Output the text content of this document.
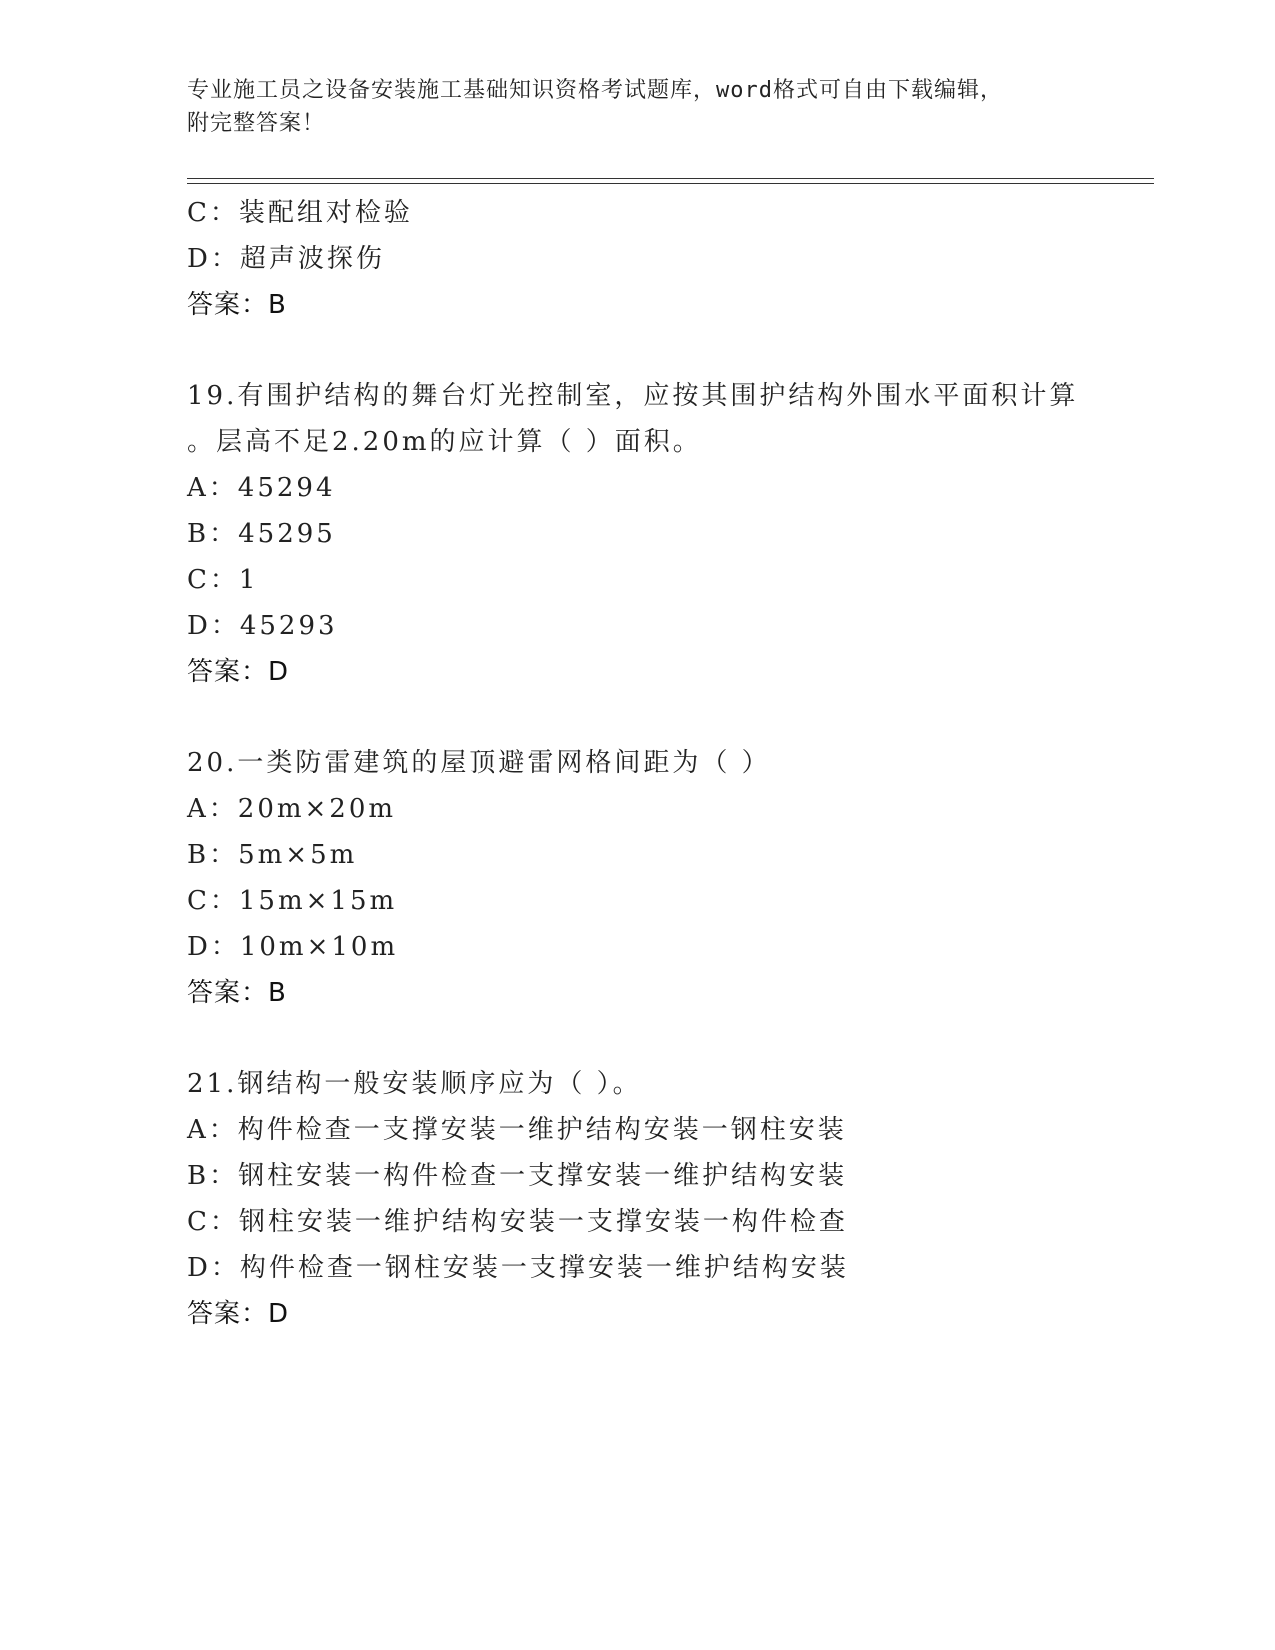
专业施工员之设备安装施工基础知识资格考试题库，word格式可自由下载编辑，
附完整答案！
C：装配组对检验
D：超声波探伤
答案：B
19.有围护结构的舞台灯光控制室，应按其围护结构外围水平面积计算
。层高不足2.20m的应计算（ ）面积。
A：45294
B：45295
C：1
D：45293
答案：D
20.一类防雷建筑的屋顶避雷网格间距为（ ）
A：20m×20m
B：5m×5m
C：15m×15m
D：10m×10m
答案：B
21.钢结构一般安装顺序应为（ ）。
A：构件检查一支撑安装一维护结构安装一钢柱安装
B：钢柱安装一构件检查一支撑安装一维护结构安装
C：钢柱安装一维护结构安装一支撑安装一构件检查
D：构件检查一钢柱安装一支撑安装一维护结构安装
答案：D
